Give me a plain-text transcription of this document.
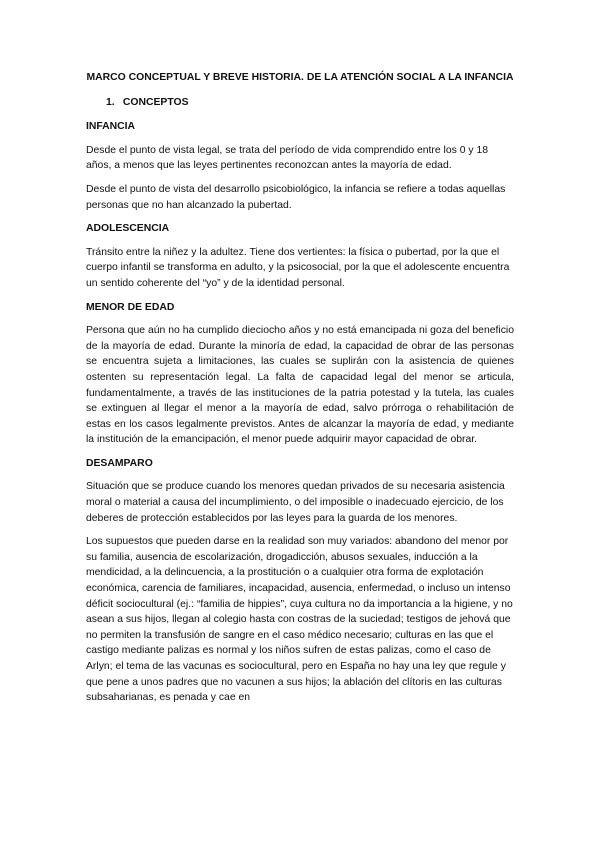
MARCO CONCEPTUAL Y BREVE HISTORIA. DE LA ATENCIÓN SOCIAL A LA INFANCIA
1. CONCEPTOS
INFANCIA

Desde el punto de vista legal, se trata del período de vida comprendido entre los 0 y 18 años, a menos que las leyes pertinentes reconozcan antes la mayoría de edad.

Desde el punto de vista del desarrollo psicobiológico, la infancia se refiere a todas aquellas personas que no han alcanzado la pubertad.

ADOLESCENCIA

Tránsito entre la niñez y la adultez. Tiene dos vertientes: la física o pubertad, por la que el cuerpo infantil se transforma en adulto, y la psicosocial, por la que el adolescente encuentra un sentido coherente del “yo” y de la identidad personal.

MENOR DE EDAD

Persona que aún no ha cumplido dieciocho años y no está emancipada ni goza del beneficio de la mayoría de edad. Durante la minoría de edad, la capacidad de obrar de las personas se encuentra sujeta a limitaciones, las cuales se suplirán con la asistencia de quienes ostenten su representación legal. La falta de capacidad legal del menor se articula, fundamentalmente, a través de las instituciones de la patria potestad y la tutela, las cuales se extinguen al llegar el menor a la mayoría de edad, salvo prórroga o rehabilitación de estas en los casos legalmente previstos. Antes de alcanzar la mayoría de edad, y mediante la institución de la emancipación, el menor puede adquirir mayor capacidad de obrar.

DESAMPARO

Situación que se produce cuando los menores quedan privados de su necesaria asistencia moral o material a causa del incumplimiento, o del imposible o inadecuado ejercicio, de los deberes de protección establecidos por las leyes para la guarda de los menores.

Los supuestos que pueden darse en la realidad son muy variados: abandono del menor por su familia, ausencia de escolarización, drogadicción, abusos sexuales, inducción a la mendicidad, a la delincuencia, a la prostitución o a cualquier otra forma de explotación económica, carencia de familiares, incapacidad, ausencia, enfermedad, o incluso un intenso déficit sociocultural (ej.: “familia de hippies”, cuya cultura no da importancia a la higiene, y no asean a sus hijos, llegan al colegio hasta con costras de la suciedad; testigos de jehová que no permiten la transfusión de sangre en el caso médico necesario; culturas en las que el castigo mediante palizas es normal y los niños sufren de estas palizas, como el caso de Arlyn; el tema de las vacunas es sociocultural, pero en España no hay una ley que regule y que pene a unos padres que no vacunen a sus hijos; la ablación del clítoris en las culturas subsaharianas, es penada y cae en
